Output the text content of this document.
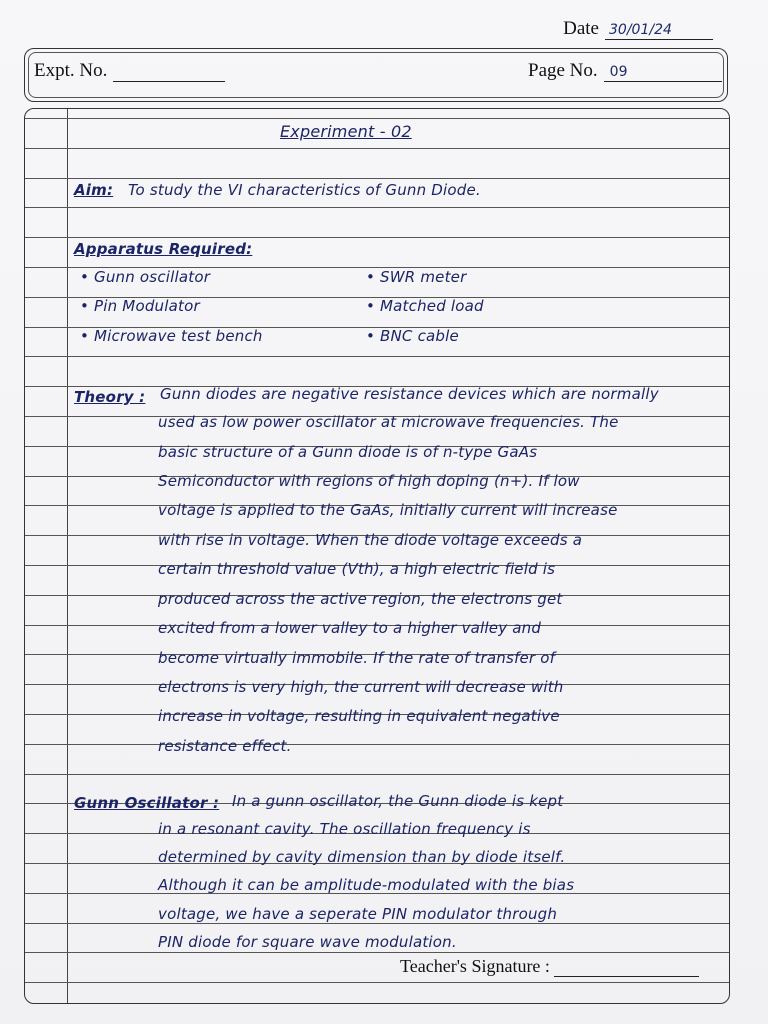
Date 30/01/24
Expt. No.	Page No. 09
Experiment - 02
Aim: To study the VI characteristics of Gunn Diode.
Apparatus Required:
• Gunn oscillator
• Pin Modulator
• Microwave test bench
• SWR meter
• Matched load
• BNC cable
Theory : Gunn diodes are negative resistance devices which are normally
used as low power oscillator at microwave frequencies. The
basic structure of a Gunn diode is of n-type GaAs
Semiconductor with regions of high doping (n+). If low
voltage is applied to the GaAs, initially current will increase
with rise in voltage. When the diode voltage exceeds a
certain threshold value (Vth), a high electric field is
produced across the active region, the electrons get
excited from a lower valley to a higher valley and
become virtually immobile. If the rate of transfer of
electrons is very high, the current will decrease with
increase in voltage, resulting in equivalent negative
resistance effect.
Gunn Oscillator : In a gunn oscillator, the Gunn diode is kept
in a resonant cavity. The oscillation frequency is
determined by cavity dimension than by diode itself.
Although it can be amplitude-modulated with the bias
voltage, we have a seperate PIN modulator through
PIN diode for square wave modulation.
Teacher's Signature :
